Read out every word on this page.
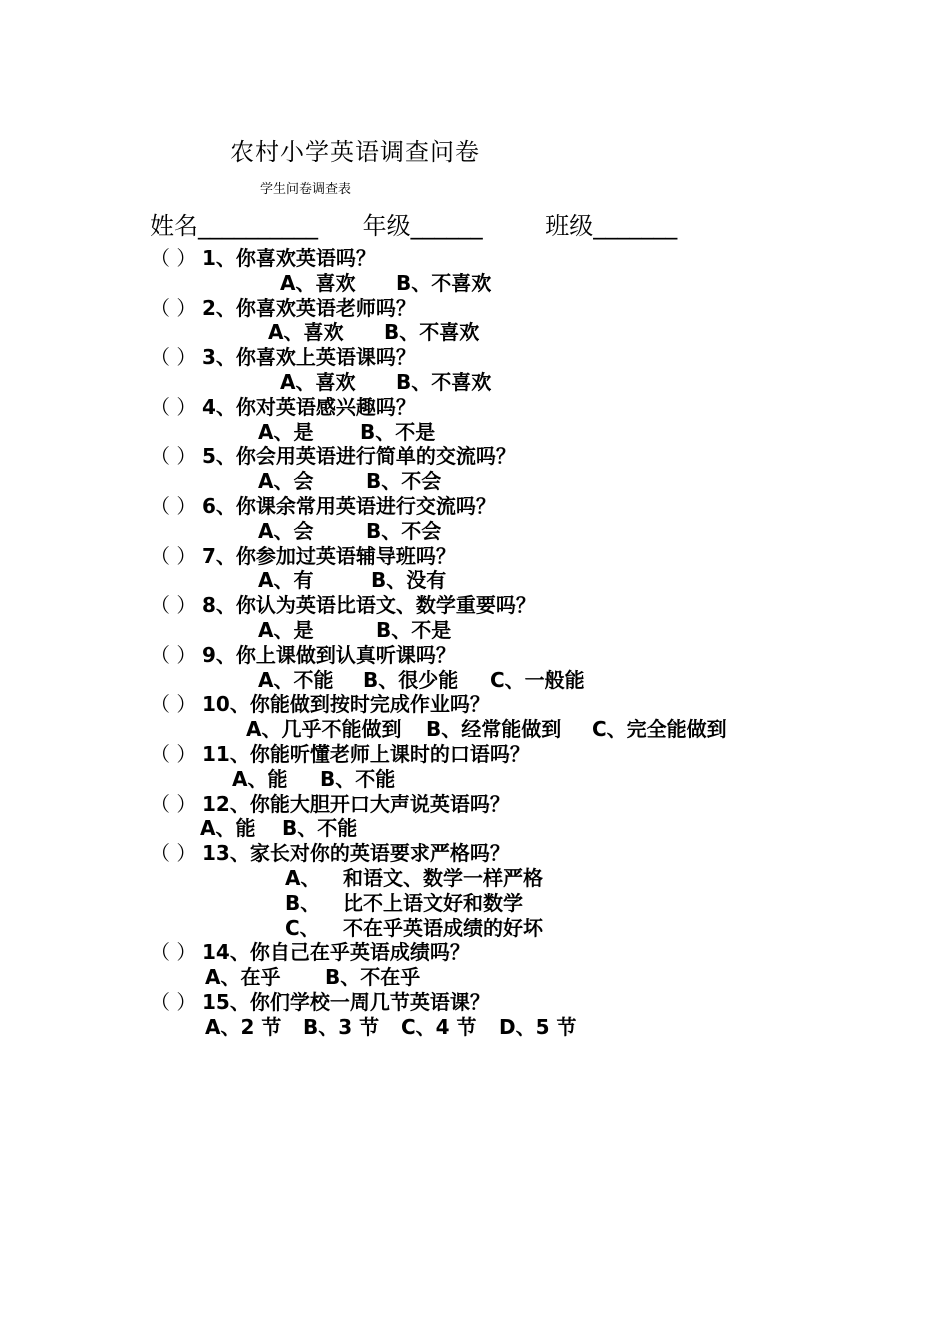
农村小学英语调查问卷
学生问卷调查表
姓名__________ 年级______	班级_______
（ ） 1、你喜欢英语吗？
A、喜欢 B、不喜欢
（ ） 2、你喜欢英语老师吗？
A、喜欢 B、不喜欢
（ ） 3、你喜欢上英语课吗？
A、喜欢 B、不喜欢
（ ） 4、你对英语感兴趣吗？
A、是 B、不是
（ ） 5、你会用英语进行简单的交流吗？
A、会	B、不会
（ ） 6、你课余常用英语进行交流吗？
A、会	B、不会
（ ） 7、你参加过英语辅导班吗？
A、有	B、没有
（ ） 8、你认为英语比语文、数学重要吗？
A、是	B、不是
（ ） 9、你上课做到认真听课吗？
A、不能 B、很少能 C、一般能
（ ） 10、你能做到按时完成作业吗？
A、几乎不能做到 B、经常能做到 C、完全能做到
（ ） 11、你能听懂老师上课时的口语吗？
A、能 B、不能
（ ） 12、你能大胆开口大声说英语吗？
A、能 B、不能
（ ） 13、家长对你的英语要求严格吗？
A、 和语文、数学一样严格
B、 比不上语文好和数学
C、 不在乎英语成绩的好坏
（ ） 14、你自己在乎英语成绩吗？
A、在乎 B、不在乎
（ ） 15、你们学校一周几节英语课？
A、2 节 B、3 节 C、4 节 D、5 节
